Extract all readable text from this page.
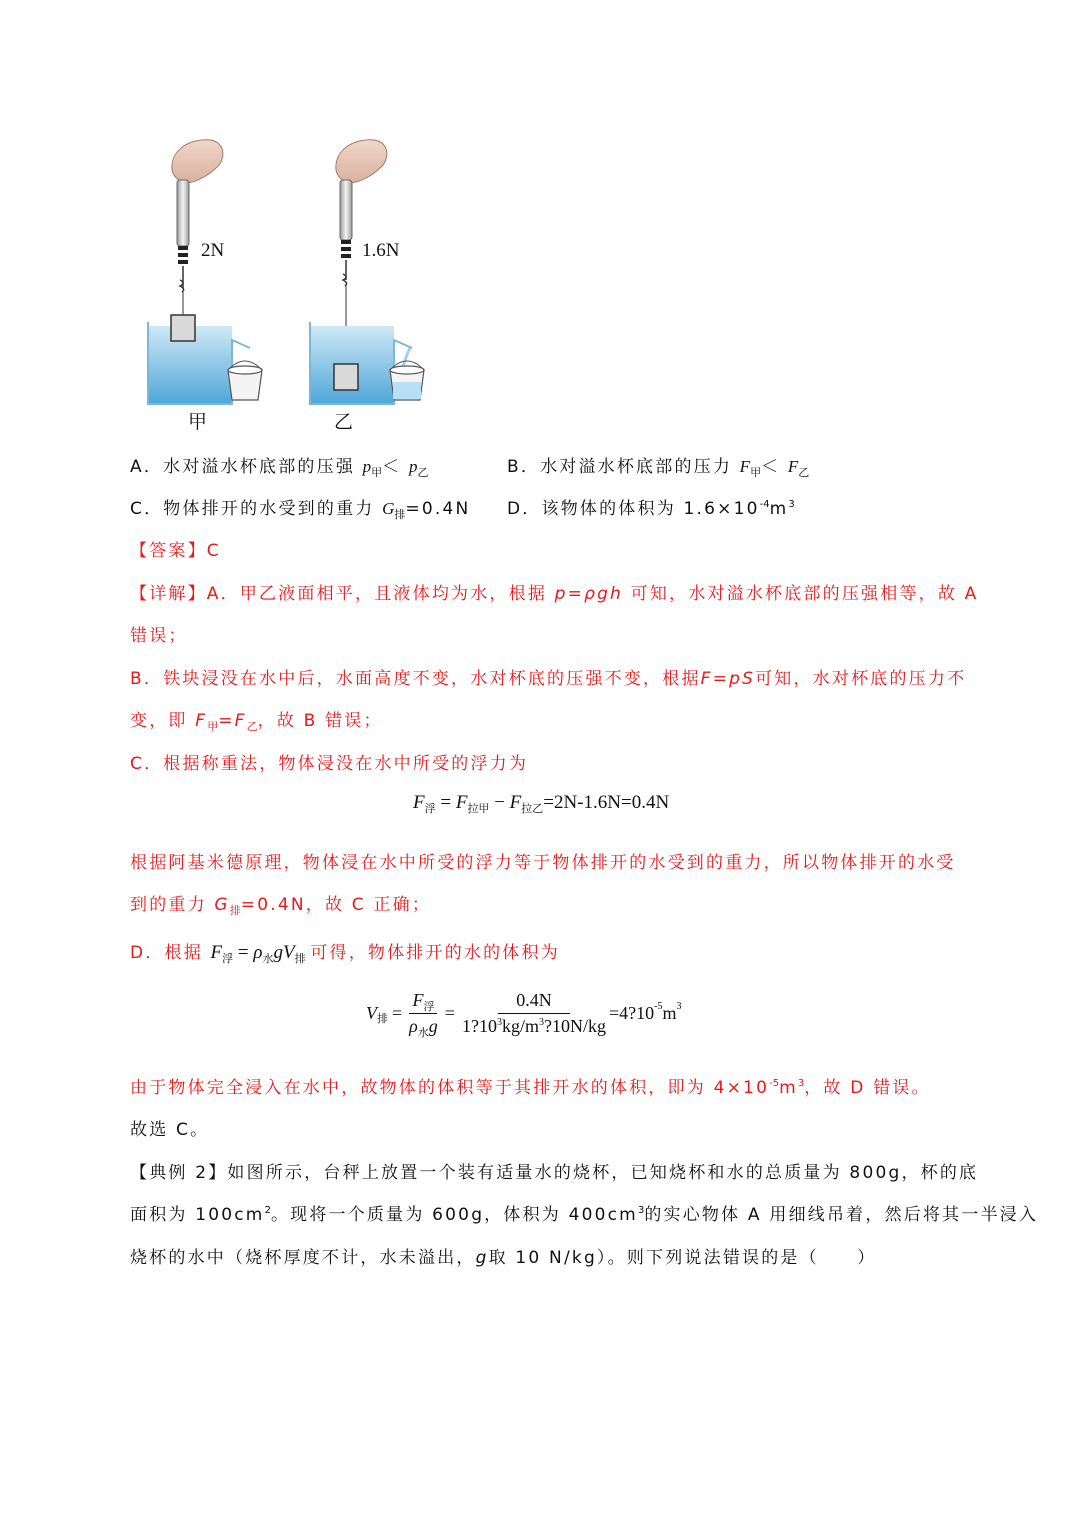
2N	1.6N
甲	乙
A．水对溢水杯底部的压强 $p_甲< p_乙$	B．水对溢水杯底部的压力 $F_甲< F_乙$
C．物体排开的水受到的重力 $G_排=0.4N$ D．该物体的体积为 $1.6\times 10^{-4}m^3$
【答案】C
【详解】A．甲乙液面相平，且液体均为水，根据 p=ρgh 可知，水对溢水杯底部的压强相等，故 A
错误；
B．铁块浸没在水中后，水面高度不变，水对杯底的压强不变，根据F=pS可知，水对杯底的压力不
变，即 $F_甲=F_乙$，故 B 错误；
C．根据称重法，物体浸没在水中所受的浮力为
$F_浮 = F_{拉甲} - F_{拉乙}=2N-1.6N=0.4N$
根据阿基米德原理，物体浸在水中所受的浮力等于物体排开的水受到的重力，所以物体排开的水受
到的重力 $G_排=0.4N$，故 C 正确；
D．根据 $F_浮 = \rho_水gV_排$ 可得，物体排开的水的体积为
V 排 = $\frac{F_浮}{\rho_水g} = \frac{0.4N}{1?10^3kg/m^3?10N/kg}$ =4?10 -5 m 3
由于物体完全浸入在水中，故物体的体积等于其排开水的体积，即为 $4\times 10^{-5}m^3$，故 D 错误。
故选 C。
【典例 2】如图所示，台秤上放置一个装有适量水的烧杯，已知烧杯和水的总质量为 800g，杯的底
面积为 $100cm^2$。现将一个质量为 600g，体积为 $400cm^3$的实心物体 A 用细线吊着，然后将其一半浸入
烧杯的水中（烧杯厚度不计，水未溢出，g取 10 N/kg）。则下列说法错误的是（　　）
